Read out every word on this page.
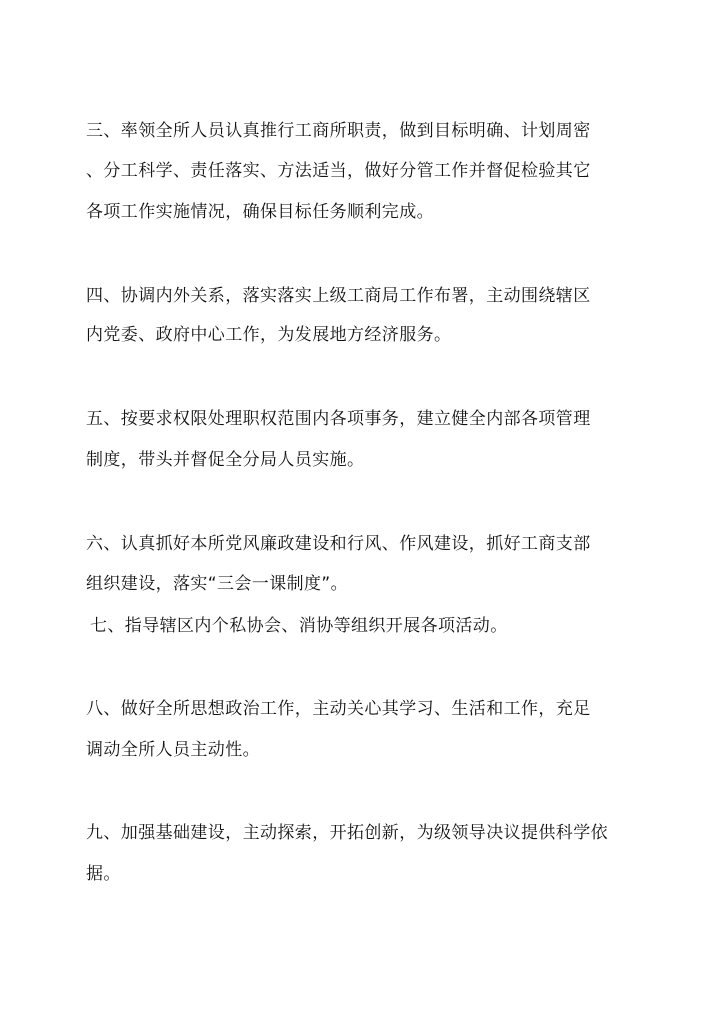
三、率领全所人员认真推行工商所职责，做到目标明确、计划周密

、分工科学、责任落实、方法适当，做好分管工作并督促检验其它

各项工作实施情况，确保目标任务顺利完成。

四、协调内外关系，落实落实上级工商局工作布署，主动围绕辖区

内党委、政府中心工作，为发展地方经济服务。

五、按要求权限处理职权范围内各项事务，建立健全内部各项管理

制度，带头并督促全分局人员实施。

六、认真抓好本所党风廉政建设和行风、作风建设，抓好工商支部

组织建设，落实“三会一课制度”。

七、指导辖区内个私协会、消协等组织开展各项活动。

八、做好全所思想政治工作，主动关心其学习、生活和工作，充足

调动全所人员主动性。

九、加强基础建设，主动探索，开拓创新，为级领导决议提供科学依

据。
